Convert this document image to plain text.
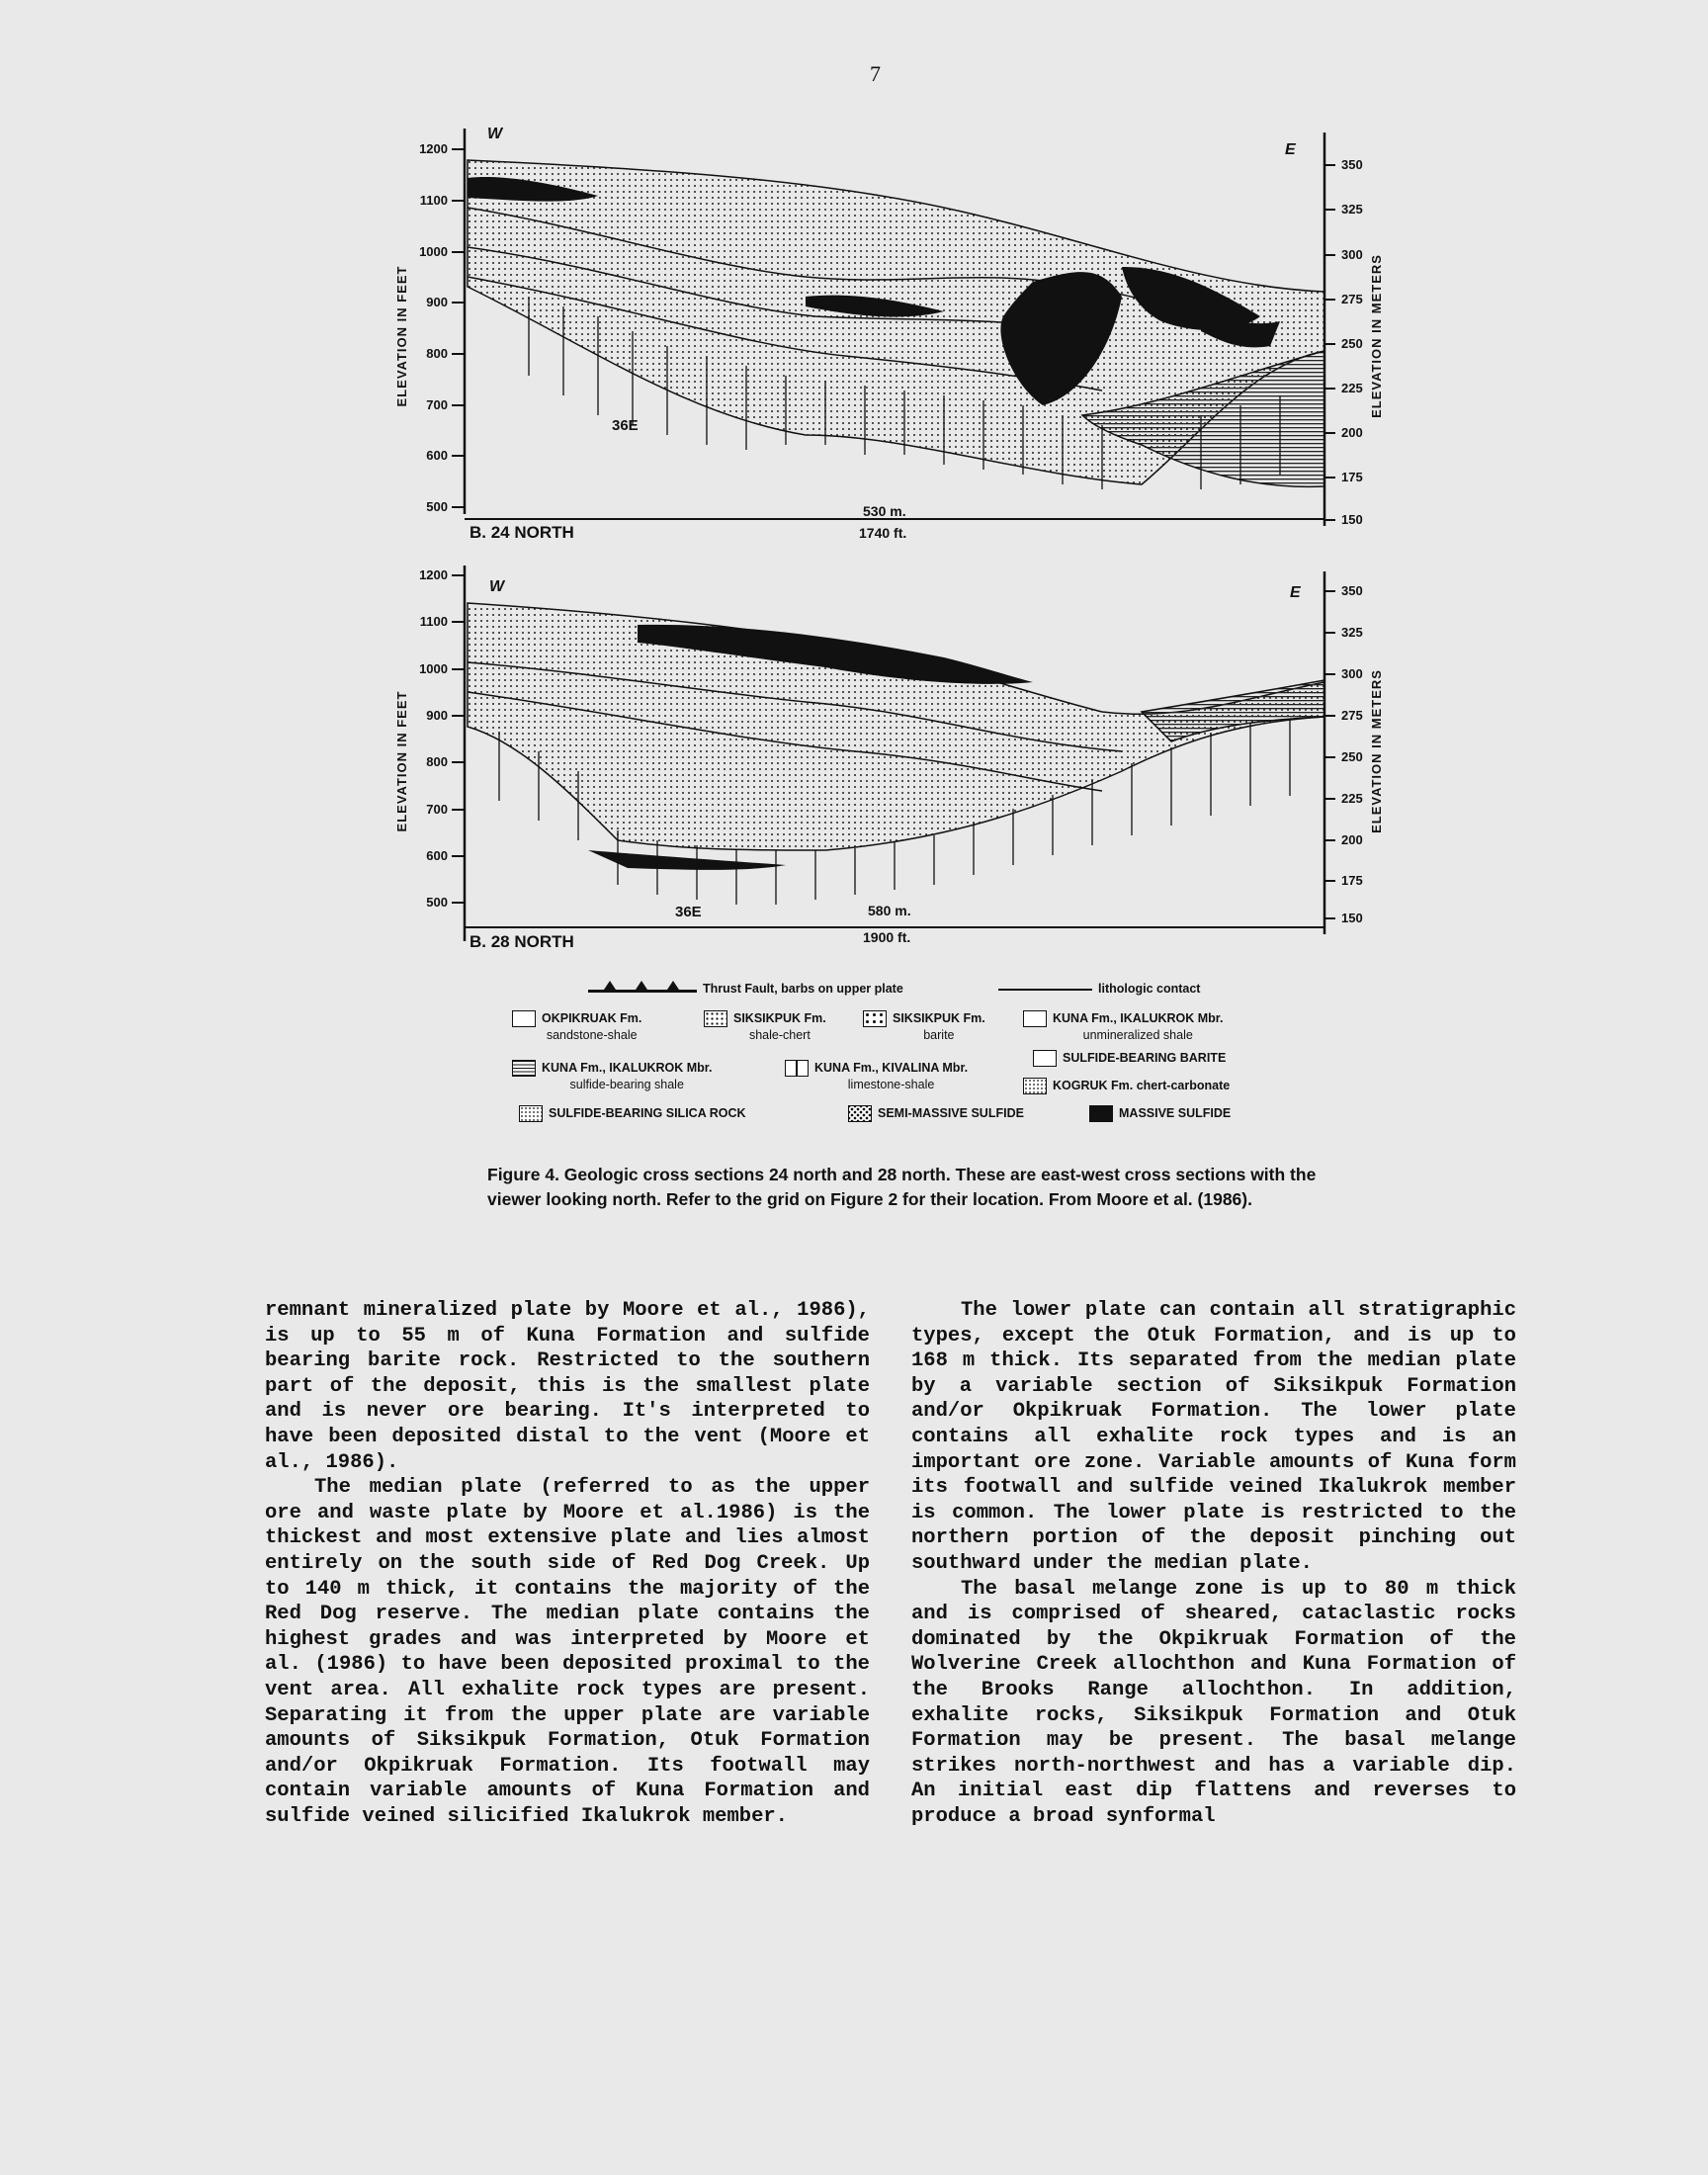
7
1200
1100
1000
900
800
700
600
500
350
325
300
275
250
225
200
175
150
ELEVATION IN FEET	ELEVATION IN METERS
W
E
36E
B. 24 NORTH
530 m.
1740 ft.
1200
1100
1000
900
800
700
600
500
350
325
300
275
250
225
200
175
150
ELEVATION IN FEET	ELEVATION IN METERS
W	E
36E
B. 28 NORTH
580 m.
1900 ft.
Thrust Fault, barbs on upper plate	lithologic contact
OKPIKRUAK Fm.
sandstone-shale
SIKSIKPUK Fm.
shale-chert
SIKSIKPUK Fm.
barite
KUNA Fm., IKALUKROK Mbr.
unmineralized shale
KUNA Fm., IKALUKROK Mbr.
sulfide-bearing shale
KUNA Fm., KIVALINA Mbr.
limestone-shale
SULFIDE-BEARING BARITE
KOGRUK Fm. chert-carbonate
SULFIDE-BEARING SILICA ROCK	SEMI-MASSIVE SULFIDE	MASSIVE SULFIDE
Figure 4. Geologic cross sections 24 north and 28 north. These are east-west cross sections with the viewer looking north. Refer to the grid on Figure 2 for their location. From Moore et al. (1986).

remnant mineralized plate by Moore et al., 1986), is up to 55 m of Kuna Formation and sulfide bearing barite rock. Restricted to the southern part of the deposit, this is the smallest plate and is never ore bearing. It's interpreted to have been deposited distal to the vent (Moore et al., 1986).

The median plate (referred to as the upper ore and waste plate by Moore et al.1986) is the thickest and most extensive plate and lies almost entirely on the south side of Red Dog Creek. Up to 140 m thick, it contains the majority of the Red Dog reserve. The median plate contains the highest grades and was interpreted by Moore et al. (1986) to have been deposited proximal to the vent area. All exhalite rock types are present. Separating it from the upper plate are variable amounts of Siksikpuk Formation, Otuk Formation and/or Okpikruak Formation. Its footwall may contain variable amounts of Kuna Formation and sulfide veined silicified Ikalukrok member.

The lower plate can contain all stratigraphic types, except the Otuk Formation, and is up to 168 m thick. Its separated from the median plate by a variable section of Siksikpuk Formation and/or Okpikruak Formation. The lower plate contains all exhalite rock types and is an important ore zone. Variable amounts of Kuna form its footwall and sulfide veined Ikalukrok member is common. The lower plate is restricted to the northern portion of the deposit pinching out southward under the median plate.

The basal melange zone is up to 80 m thick and is comprised of sheared, cataclastic rocks dominated by the Okpikruak Formation of the Wolverine Creek allochthon and Kuna Formation of the Brooks Range allochthon. In addition, exhalite rocks, Siksikpuk Formation and Otuk Formation may be present. The basal melange strikes north-northwest and has a variable dip. An initial east dip flattens and reverses to produce a broad synformal
